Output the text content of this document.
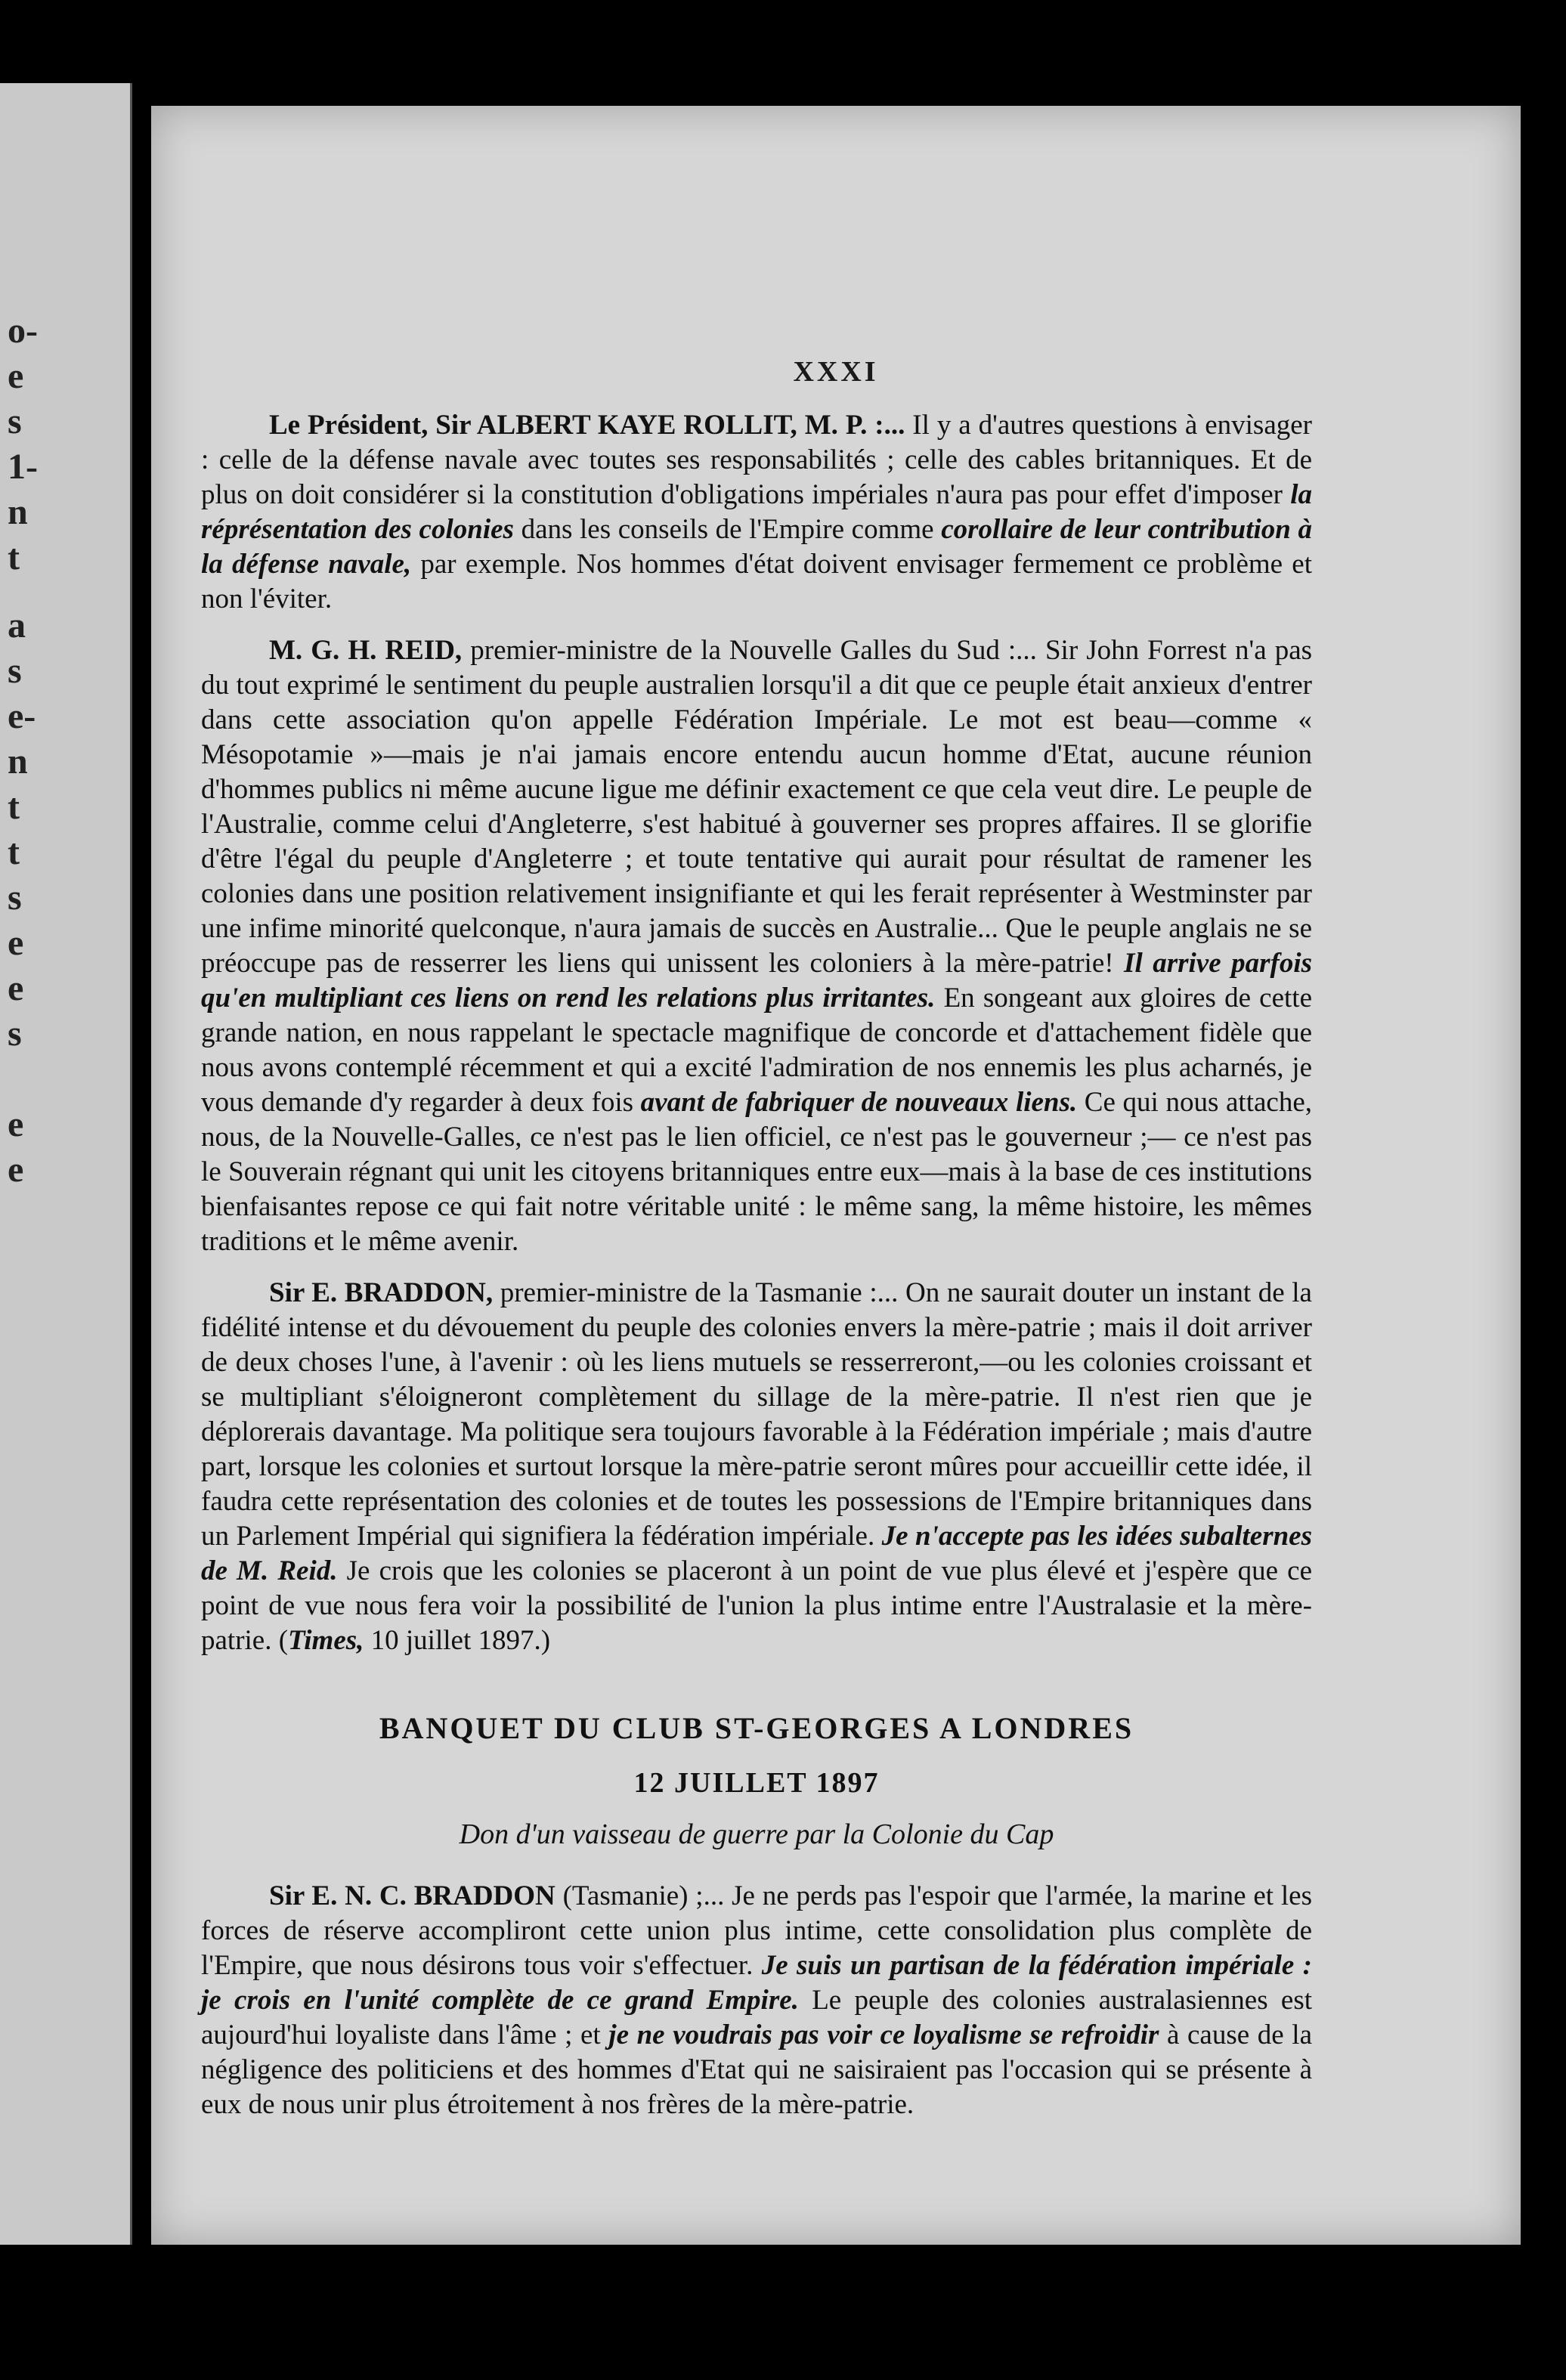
o-
e
s
1-
n
t
a
s
e-
n
t
t
s
e
e
s
e
e
XXXI

Le Président, Sir ALBERT KAYE ROLLIT, M. P. :... Il y a d'autres questions à envisager : celle de la défense navale avec toutes ses responsabilités ; celle des cables britanniques. Et de plus on doit considérer si la constitution d'obligations impériales n'aura pas pour effet d'imposer la réprésentation des colonies dans les conseils de l'Empire comme corollaire de leur contribution à la défense navale, par exemple. Nos hommes d'état doivent envisager fermement ce problème et non l'éviter.

M. G. H. REID, premier-ministre de la Nouvelle Galles du Sud :... Sir John Forrest n'a pas du tout exprimé le sentiment du peuple australien lorsqu'il a dit que ce peuple était anxieux d'entrer dans cette association qu'on appelle Fédération Impériale. Le mot est beau—comme « Mésopotamie »—mais je n'ai jamais encore entendu aucun homme d'Etat, aucune réunion d'hommes publics ni même aucune ligue me définir exactement ce que cela veut dire. Le peuple de l'Australie, comme celui d'Angleterre, s'est habitué à gouverner ses propres affaires. Il se glorifie d'être l'égal du peuple d'Angleterre ; et toute tentative qui aurait pour résultat de ramener les colonies dans une position relativement insignifiante et qui les ferait représenter à Westminster par une infime minorité quelconque, n'aura jamais de succès en Australie... Que le peuple anglais ne se préoccupe pas de resserrer les liens qui unissent les coloniers à la mère-patrie! Il arrive parfois qu'en multipliant ces liens on rend les relations plus irritantes. En songeant aux gloires de cette grande nation, en nous rappelant le spectacle magnifique de concorde et d'attachement fidèle que nous avons contemplé récemment et qui a excité l'admiration de nos ennemis les plus acharnés, je vous demande d'y regarder à deux fois avant de fabriquer de nouveaux liens. Ce qui nous attache, nous, de la Nouvelle-Galles, ce n'est pas le lien officiel, ce n'est pas le gouverneur ;— ce n'est pas le Souverain régnant qui unit les citoyens britanniques entre eux—mais à la base de ces institutions bienfaisantes repose ce qui fait notre véritable unité : le même sang, la même histoire, les mêmes traditions et le même avenir.

Sir E. BRADDON, premier-ministre de la Tasmanie :... On ne saurait douter un instant de la fidélité intense et du dévouement du peuple des colonies envers la mère-patrie ; mais il doit arriver de deux choses l'une, à l'avenir : où les liens mutuels se resserreront,—ou les colonies croissant et se multipliant s'éloigneront complètement du sillage de la mère-patrie. Il n'est rien que je déplorerais davantage. Ma politique sera toujours favorable à la Fédération impériale ; mais d'autre part, lorsque les colonies et surtout lorsque la mère-patrie seront mûres pour accueillir cette idée, il faudra cette représentation des colonies et de toutes les possessions de l'Empire britanniques dans un Parlement Impérial qui signifiera la fédération impériale. Je n'accepte pas les idées subalternes de M. Reid. Je crois que les colonies se placeront à un point de vue plus élevé et j'espère que ce point de vue nous fera voir la possibilité de l'union la plus intime entre l'Australasie et la mère-patrie. (Times, 10 juillet 1897.)

BANQUET DU CLUB ST-GEORGES A LONDRES
12 JUILLET 1897
Don d'un vaisseau de guerre par la Colonie du Cap

Sir E. N. C. BRADDON (Tasmanie) ;... Je ne perds pas l'espoir que l'armée, la marine et les forces de réserve accompliront cette union plus intime, cette consolidation plus complète de l'Empire, que nous désirons tous voir s'effectuer. Je suis un partisan de la fédération impériale : je crois en l'unité complète de ce grand Empire. Le peuple des colonies australasiennes est aujourd'hui loyaliste dans l'âme ; et je ne voudrais pas voir ce loyalisme se refroidir à cause de la négligence des politiciens et des hommes d'Etat qui ne saisiraient pas l'occasion qui se présente à eux de nous unir plus étroitement à nos frères de la mère-patrie.
